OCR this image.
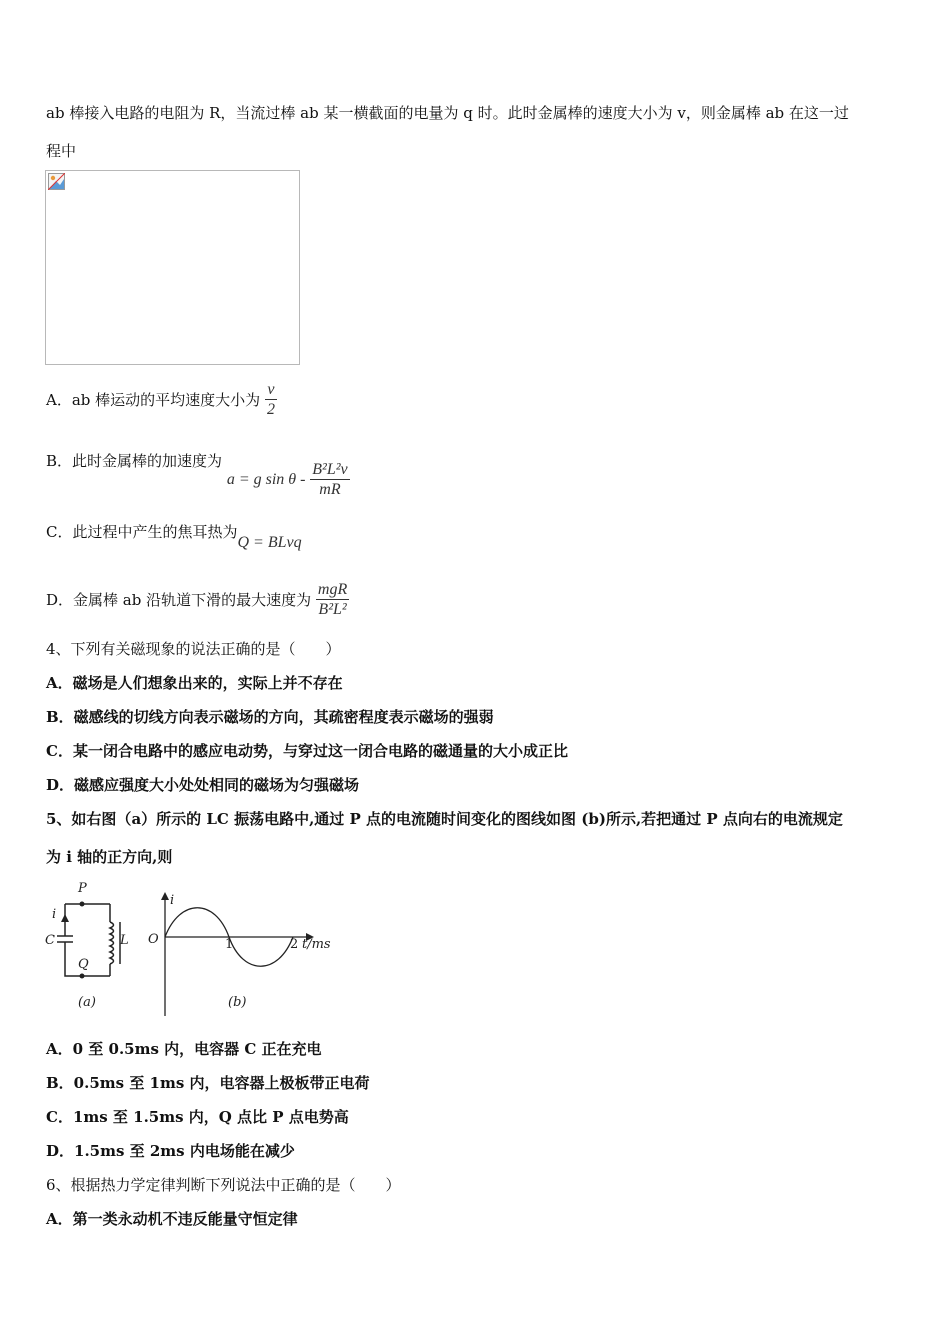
ab 棒接入电路的电阻为 R，当流过棒 ab 某一横截面的电量为 q 时。此时金属棒的速度大小为 v，则金属棒 ab 在这一过
程中
A．ab 棒运动的平均速度大小为 $\frac{v}{2}$
B．此时金属棒的加速度为 a = g sin θ - $\frac{\text{B²L²v}}{mR}$
C．此过程中产生的焦耳热为Q = BLvq
D．金属棒 ab 沿轨道下滑的最大速度为 $\frac{\text{mgR}}{\text{B²L²}}$
4、下列有关磁现象的说法正确的是（　　）
A．磁场是人们想象出来的，实际上并不存在
B．磁感线的切线方向表示磁场的方向，其疏密程度表示磁场的强弱
C．某一闭合电路中的感应电动势，与穿过这一闭合电路的磁通量的大小成正比
D．磁感应强度大小处处相同的磁场为匀强磁场
5、如右图（a）所示的 LC 振荡电路中,通过 P 点的电流随时间变化的图线如图 (b)所示,若把通过 P 点向右的电流规定
为 i 轴的正方向,则
P
Q
C	L
i
(a)	(b)
i
O	1	2 t/ms
A．0 至 0.5ms 内，电容器 C 正在充电
B．0.5ms 至 1ms 内，电容器上极板带正电荷
C．1ms 至 1.5ms 内，Q 点比 P 点电势高
D．1.5ms 至 2ms 内电场能在减少
6、根据热力学定律判断下列说法中正确的是（　　）
A．第一类永动机不违反能量守恒定律
